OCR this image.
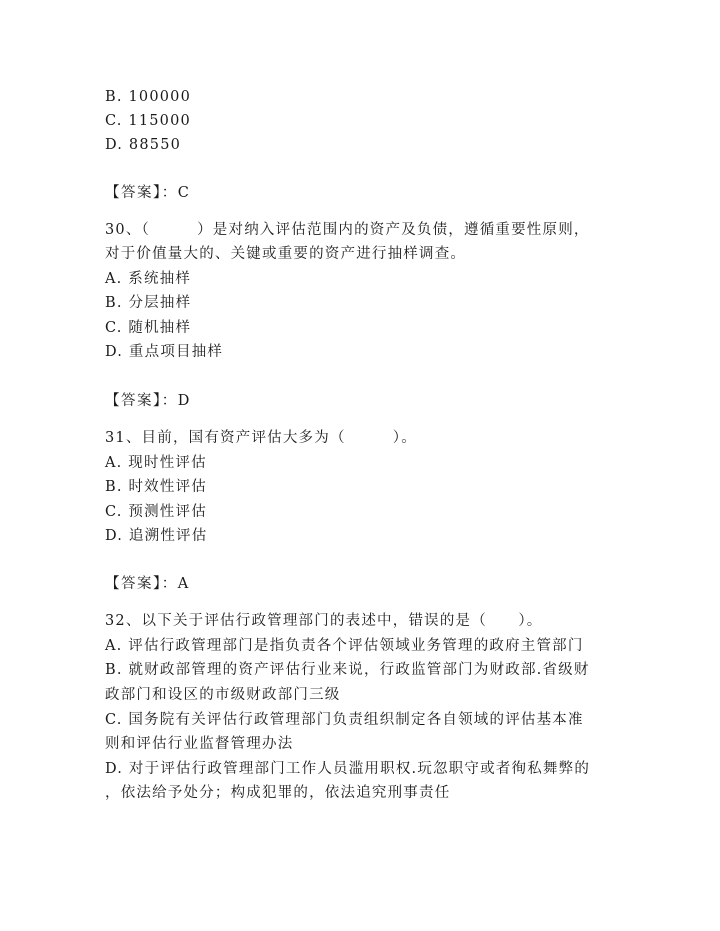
B. 100000

C. 115000

D. 88550

【答案】：C

30、（　　　）是对纳入评估范围内的资产及负债，遵循重要性原则，

对于价值量大的、关键或重要的资产进行抽样调查。

A. 系统抽样

B. 分层抽样

C. 随机抽样

D. 重点项目抽样

【答案】：D

31、目前，国有资产评估大多为（　　　）。

A. 现时性评估

B. 时效性评估

C. 预测性评估

D. 追溯性评估

【答案】：A

32、以下关于评估行政管理部门的表述中，错误的是（　　）。

A. 评估行政管理部门是指负责各个评估领域业务管理的政府主管部门

B. 就财政部管理的资产评估行业来说，行政监管部门为财政部.省级财

政部门和设区的市级财政部门三级

C. 国务院有关评估行政管理部门负责组织制定各自领域的评估基本准

则和评估行业监督管理办法

D. 对于评估行政管理部门工作人员滥用职权.玩忽职守或者徇私舞弊的

，依法给予处分；构成犯罪的，依法追究刑事责任
